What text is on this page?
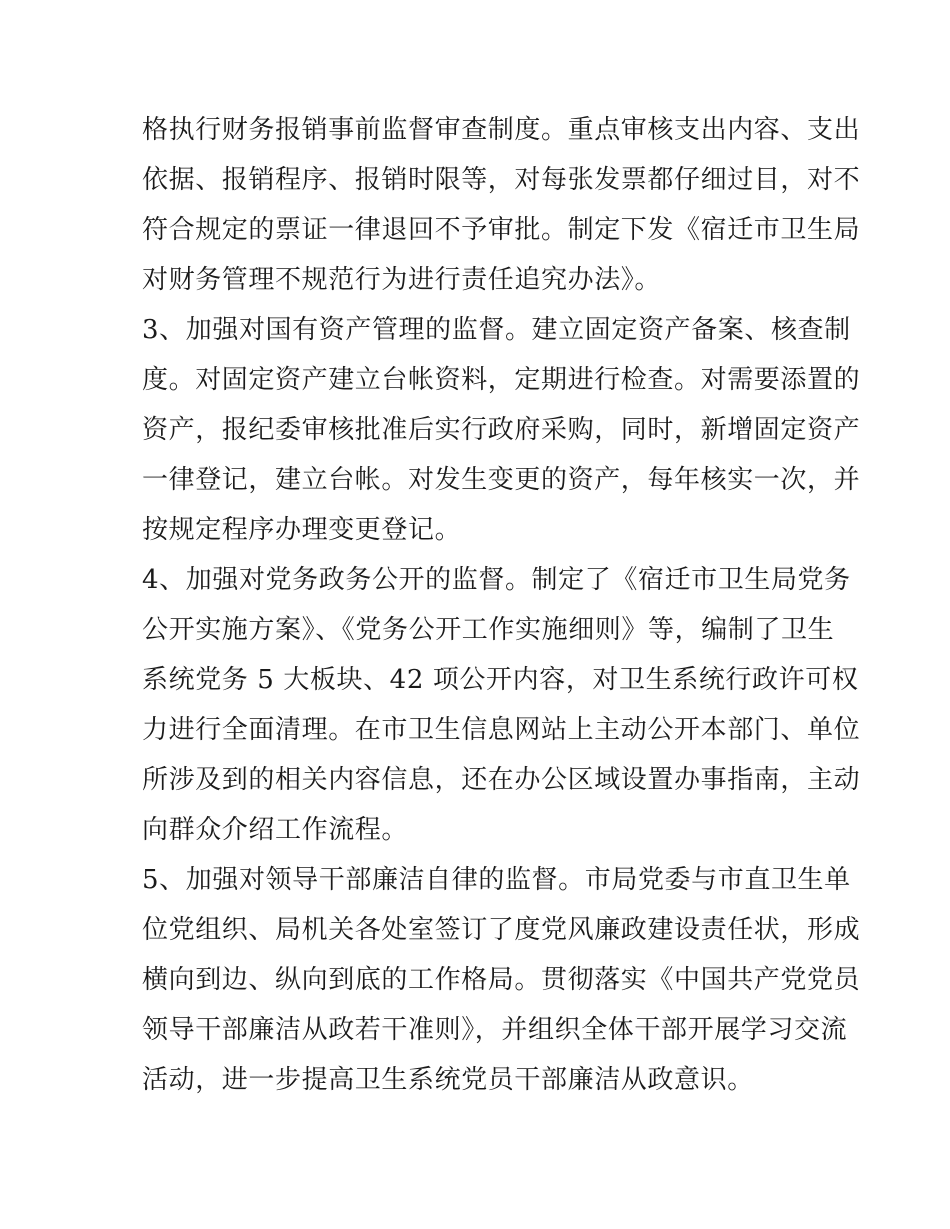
格执行财务报销事前监督审查制度。重点审核支出内容、支出
依据、报销程序、报销时限等，对每张发票都仔细过目，对不
符合规定的票证一律退回不予审批。制定下发《宿迁市卫生局
对财务管理不规范行为进行责任追究办法》。
3、加强对国有资产管理的监督。建立固定资产备案、核查制
度。对固定资产建立台帐资料，定期进行检查。对需要添置的
资产，报纪委审核批准后实行政府采购，同时，新增固定资产
一律登记，建立台帐。对发生变更的资产，每年核实一次，并
按规定程序办理变更登记。
4、加强对党务政务公开的监督。制定了《宿迁市卫生局党务
公开实施方案》、《党务公开工作实施细则》等，编制了卫生
系统党务 5 大板块、42 项公开内容，对卫生系统行政许可权
力进行全面清理。在市卫生信息网站上主动公开本部门、单位
所涉及到的相关内容信息，还在办公区域设置办事指南，主动
向群众介绍工作流程。
5、加强对领导干部廉洁自律的监督。市局党委与市直卫生单
位党组织、局机关各处室签订了度党风廉政建设责任状，形成
横向到边、纵向到底的工作格局。贯彻落实《中国共产党党员
领导干部廉洁从政若干准则》，并组织全体干部开展学习交流
活动，进一步提高卫生系统党员干部廉洁从政意识。
